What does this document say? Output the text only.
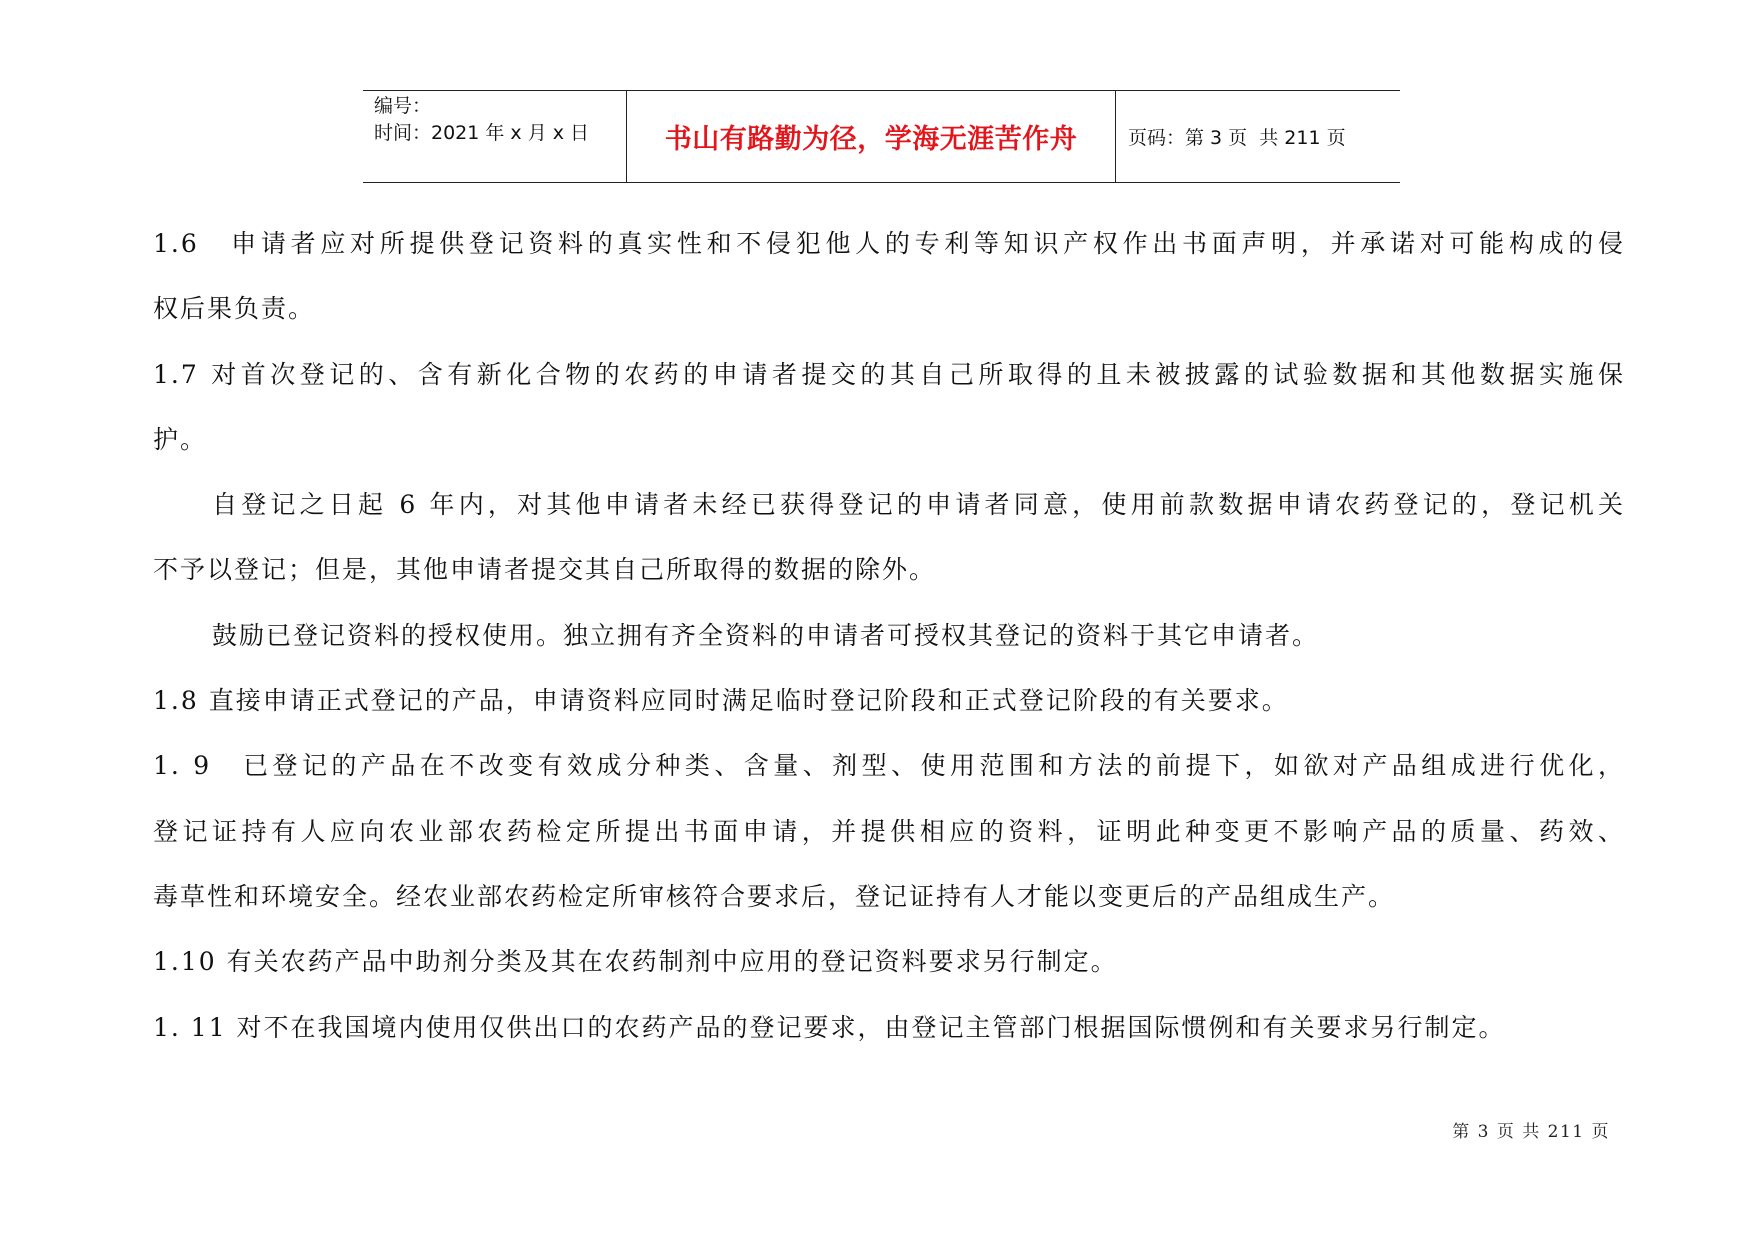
编号：
时间：2021 年 x 月 x 日	书山有路勤为径，学海无涯苦作舟	页码：第 3 页  共 211 页
1.6　申请者应对所提供登记资料的真实性和不侵犯他人的专利等知识产权作出书面声明，并承诺对可能构成的侵
权后果负责。
1.7 对首次登记的、含有新化合物的农药的申请者提交的其自己所取得的且未被披露的试验数据和其他数据实施保
护。
自登记之日起 6 年内，对其他申请者未经已获得登记的申请者同意，使用前款数据申请农药登记的，登记机关
不予以登记；但是，其他申请者提交其自己所取得的数据的除外。
鼓励已登记资料的授权使用。独立拥有齐全资料的申请者可授权其登记的资料于其它申请者。
1.8 直接申请正式登记的产品，申请资料应同时满足临时登记阶段和正式登记阶段的有关要求。
1. 9　已登记的产品在不改变有效成分种类、含量、剂型、使用范围和方法的前提下，如欲对产品组成进行优化，
登记证持有人应向农业部农药检定所提出书面申请，并提供相应的资料，证明此种变更不影响产品的质量、药效、
毒草性和环境安全。经农业部农药检定所审核符合要求后，登记证持有人才能以变更后的产品组成生产。
1.10 有关农药产品中助剂分类及其在农药制剂中应用的登记资料要求另行制定。
1. 11 对不在我国境内使用仅供出口的农药产品的登记要求，由登记主管部门根据国际惯例和有关要求另行制定。
第 3 页 共 211 页
